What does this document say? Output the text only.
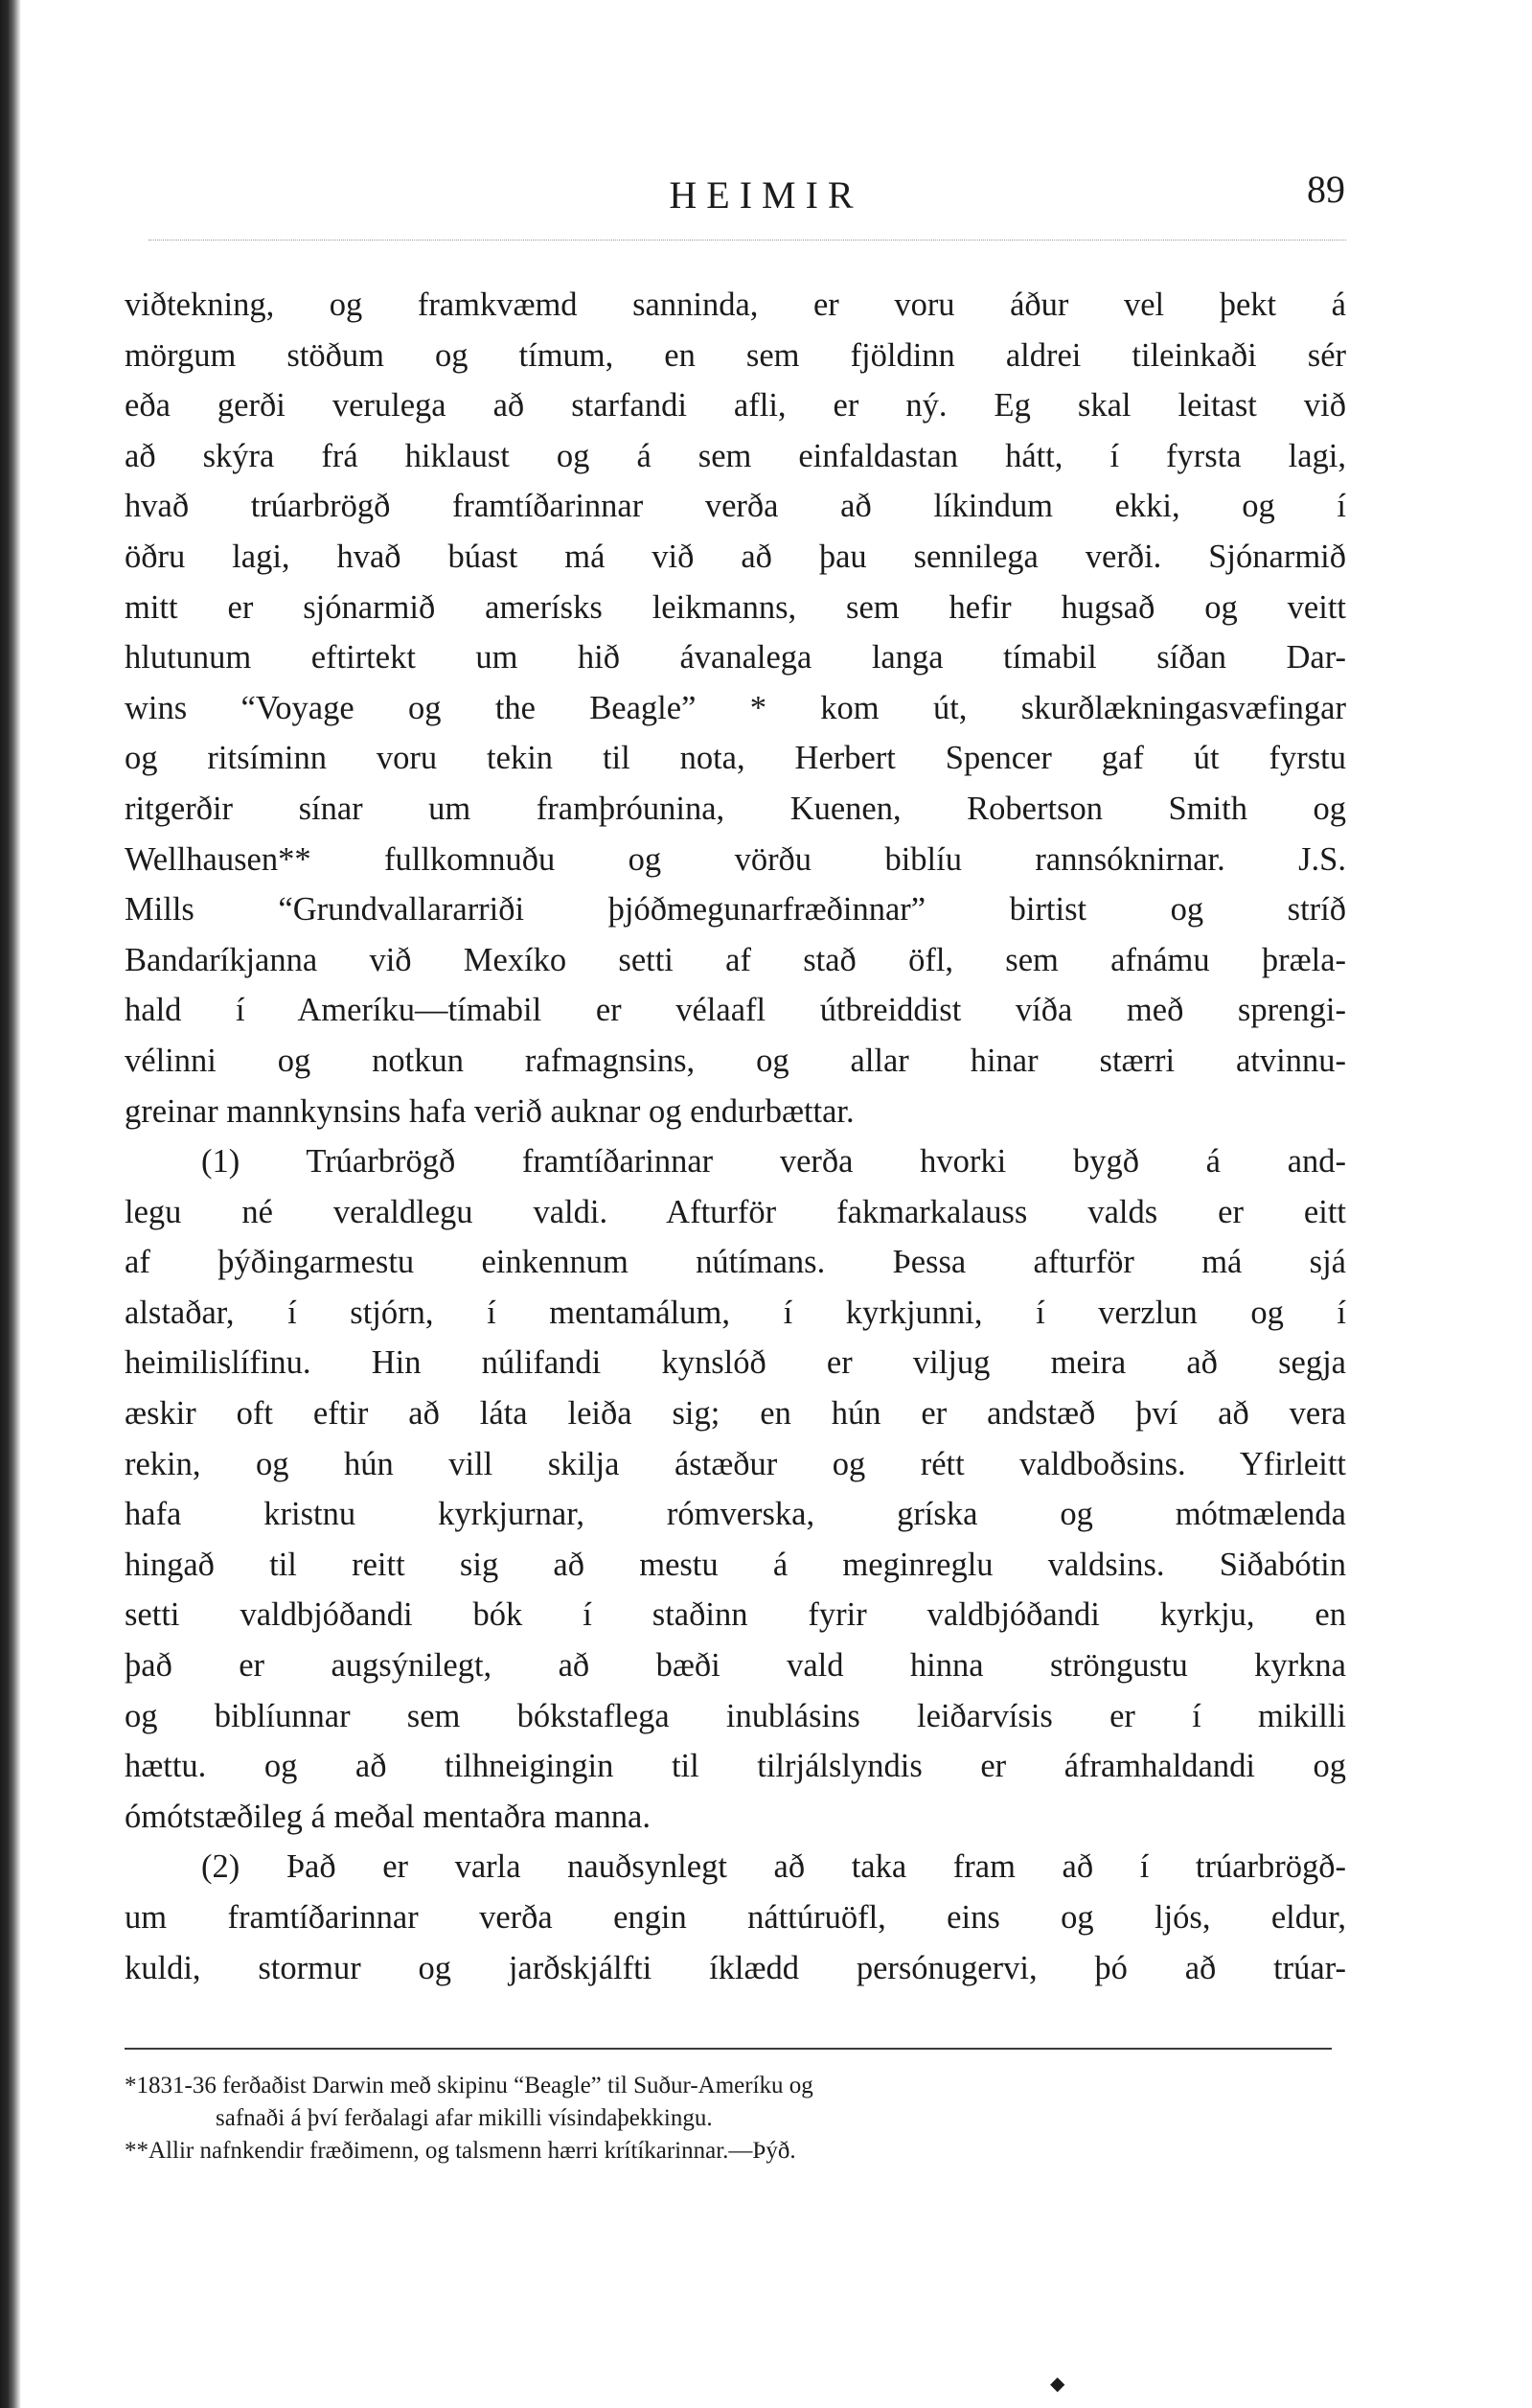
HEIMIR	89
viðtekning, og framkvæmd sanninda, er voru áður vel þekt á
mörgum stöðum og tímum, en sem fjöldinn aldrei tileinkaði sér
eða gerði verulega að starfandi afli, er ný. Eg skal leitast við
að skýra frá hiklaust og á sem einfaldastan hátt, í fyrsta lagi,
hvað trúarbrögð framtíðarinnar verða að líkindum ekki, og í
öðru lagi, hvað búast má við að þau sennilega verði. Sjónarmið
mitt er sjónarmið amerísks leikmanns, sem hefir hugsað og veitt
hlutunum eftirtekt um hið ávanalega langa tímabil síðan Dar-
wins “Voyage og the Beagle” * kom út, skurðlækningasvæfingar
og ritsíminn voru tekin til nota, Herbert Spencer gaf út fyrstu
ritgerðir sínar um framþróunina, Kuenen, Robertson Smith og
Wellhausen** fullkomnuðu og vörðu biblíu rannsóknirnar. J.S.
Mills “Grundvallararriði þjóðmegunarfræðinnar” birtist og stríð
Bandaríkjanna við Mexíko setti af stað öfl, sem afnámu þræla-
hald í Ameríku—tímabil er vélaafl útbreiddist víða með sprengi-
vélinni og notkun rafmagnsins, og allar hinar stærri atvinnu-
greinar mannkynsins hafa verið auknar og endurbættar.
(1) Trúarbrögð framtíðarinnar verða hvorki bygð á and-
legu né veraldlegu valdi. Afturför fakmarkalauss valds er eitt
af þýðingarmestu einkennum nútímans. Þessa afturför má sjá
alstaðar, í stjórn, í mentamálum, í kyrkjunni, í verzlun og í
heimilislífinu. Hin núlifandi kynslóð er viljug meira að segja
æskir oft eftir að láta leiða sig; en hún er andstæð því að vera
rekin, og hún vill skilja ástæður og rétt valdboðsins. Yfirleitt
hafa kristnu kyrkjurnar, rómverska, gríska og mótmælenda
hingað til reitt sig að mestu á meginreglu valdsins. Siðabótin
setti valdbjóðandi bók í staðinn fyrir valdbjóðandi kyrkju, en
það er augsýnilegt, að bæði vald hinna ströngustu kyrkna
og biblíunnar sem bókstaflega inublásins leiðarvísis er í mikilli
hættu. og að tilhneigingin til tilrjálslyndis er áframhaldandi og
ómótstæðileg á meðal mentaðra manna.
(2) Það er varla nauðsynlegt að taka fram að í trúarbrögð-
um framtíðarinnar verða engin náttúruöfl, eins og ljós, eldur,
kuldi, stormur og jarðskjálfti íklædd persónugervi, þó að trúar-
*1831-36 ferðaðist Darwin með skipinu “Beagle” til Suður-Ameríku og
safnaði á því ferðalagi afar mikilli vísindaþekkingu.
**Allir nafnkendir fræðimenn, og talsmenn hærri krítíkarinnar.—Þýð.
◆
